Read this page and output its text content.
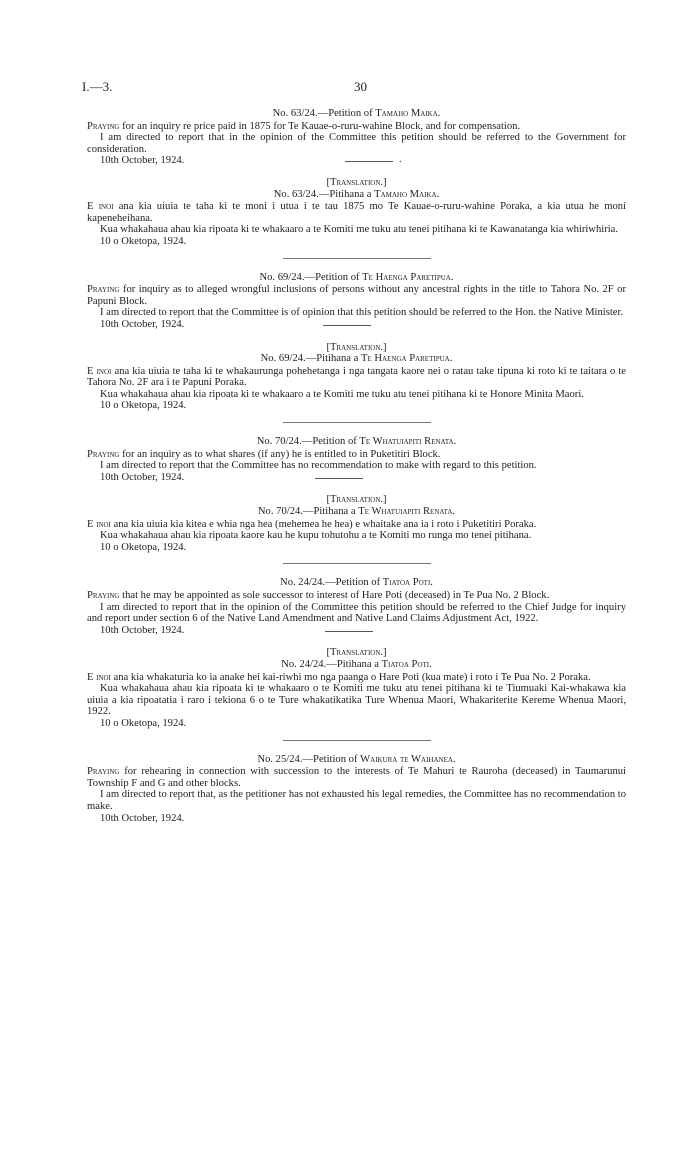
I.—3.	30

No. 63/24.—Petition of Tamaho Maika.

Praying for an inquiry re price paid in 1875 for Te Kauae-o-ruru-wahine Block, and for compensation.

I am directed to report that in the opinion of the Committee this petition should be referred to the Government for consideration.

10th October, 1924.	.

[Translation.]

No. 63/24.—Pitihana a Tamaho Maika.

E inoi ana kia uiuia te taha ki te moni i utua i te tau 1875 mo Te Kauae-o-ruru-wahine Poraka, a kia utua he moni kapeneheihana.

Kua whakahaua ahau kia ripoata ki te whakaaro a te Komiti me tuku atu tenei pitihana ki te Kawanatanga kia whiriwhiria.

10 o Oketopa, 1924.

No. 69/24.—Petition of Te Haenga Paretipua.

Praying for inquiry as to alleged wrongful inclusions of persons without any ancestral rights in the title to Tahora No. 2F or Papuni Block.

I am directed to report that the Committee is of opinion that this petition should be referred to the Hon. the Native Minister.

10th October, 1924.

[Translation.]

No. 69/24.—Pitihana a Te Haenga Paretipua.

E inoi ana kia uiuia te taha ki te whakaurunga pohehetanga i nga tangata kaore nei o ratau take tipuna ki roto ki te taitara o te Tahora No. 2F ara i te Papuni Poraka.

Kua whakahaua ahau kia ripoata ki te whakaaro a te Komiti me tuku atu tenei pitihana ki te Honore Minita Maori.

10 o Oketopa, 1924.

No. 70/24.—Petition of Te Whatuiapiti Renata.

Praying for an inquiry as to what shares (if any) he is entitled to in Puketitiri Block.

I am directed to report that the Committee has no recommendation to make with regard to this petition.

10th October, 1924.

[Translation.]

No. 70/24.—Pitihana a Te Whatuiapiti Renata.

E inoi ana kia uiuia kia kitea e whia nga hea (mehemea he hea) e whaitake ana ia i roto i Puketitiri Poraka.

Kua whakahaua ahau kia ripoata kaore kau he kupu tohutohu a te Komiti mo runga mo tenei pitihana.

10 o Oketopa, 1924.

No. 24/24.—Petition of Tiatoa Poti.

Praying that he may be appointed as sole successor to interest of Hare Poti (deceased) in Te Pua No. 2 Block.

I am directed to report that in the opinion of the Committee this petition should be referred to the Chief Judge for inquiry and report under section 6 of the Native Land Amendment and Native Land Claims Adjustment Act, 1922.

10th October, 1924.

[Translation.]

No. 24/24.—Pitihana a Tiatoa Poti.

E inoi ana kia whakaturia ko ia anake hei kai-riwhi mo nga paanga o Hare Poti (kua mate) i roto i Te Pua No. 2 Poraka.

Kua whakahaua ahau kia ripoata ki te whakaaro o te Komiti me tuku atu tenei pitihana ki te Tiumuaki Kai-whakawa kia uiuia a kia ripoatatia i raro i tekiona 6 o te Ture whakatikatika Ture Whenua Maori, Whakariterite Kereme Whenua Maori, 1922.

10 o Oketopa, 1924.

No. 25/24.—Petition of Waikura te Waihanea.

Praying for rehearing in connection with succession to the interests of Te Mahuri te Rauroha (deceased) in Taumarunui Township F and G and other blocks.

I am directed to report that, as the petitioner has not exhausted his legal remedies, the Committee has no recommendation to make.

10th October, 1924.
